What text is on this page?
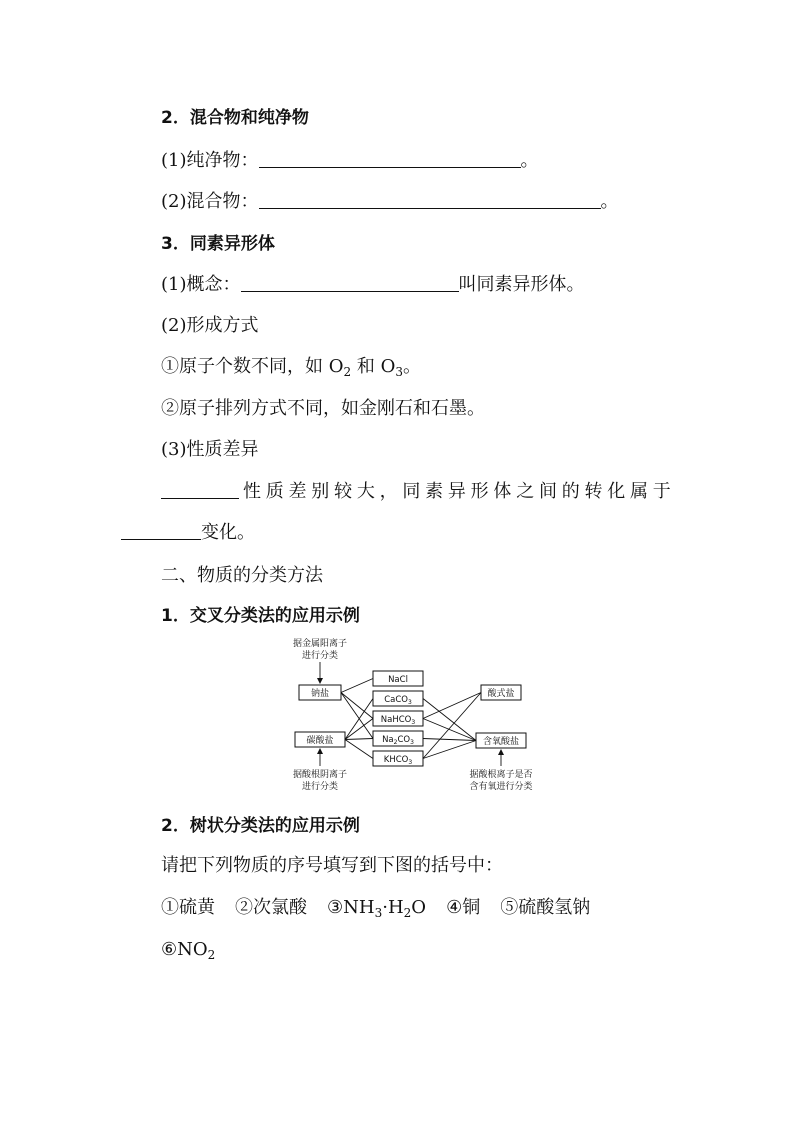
2．混合物和纯净物
(1)纯净物：	。
(2)混合物：	。
3．同素异形体
(1)概念：	叫同素异形体。
(2)形成方式
①原子个数不同，如 $O_2$ 和 $O_3$。
②原子排列方式不同，如金刚石和石墨。
(3)性质差异
性 质 差 别 较 大 ， 同 素 异 形 体 之 间 的 转 化 属 于
变化。
二、物质的分类方法
1．交叉分类法的应用示例
据金属阳离子
进行分类
钠盐
碳酸盐
NaCl
CaCO$_3$
NaHCO$_3$
$Na_2CO_3$
$KHCO_3$
酸式盐
含氧酸盐
据酸根阴离子
进行分类
据酸根离子是否
含有氧进行分类
2．树状分类法的应用示例
请把下列物质的序号填写到下图的括号中：
①硫黄 ②次氯酸 $③NH_3\cdot H_2O$ ④铜 ⑤硫酸氢钠
$⑥NO_2$
